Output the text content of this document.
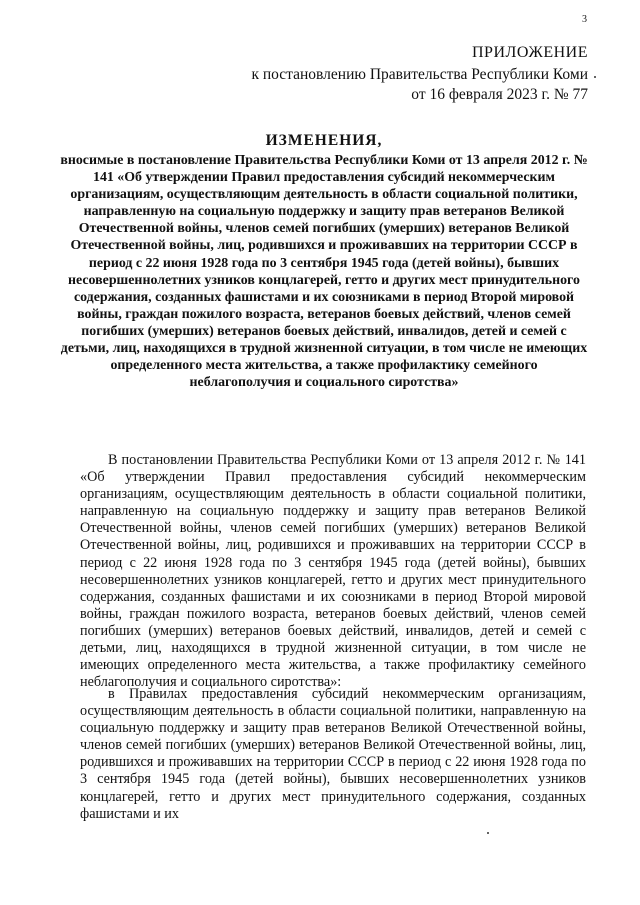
3
ПРИЛОЖЕНИЕ
к постановлению Правительства Республики Коми
от 16 февраля 2023 г. № 77
ИЗМЕНЕНИЯ,
вносимые в постановление Правительства Республики Коми от 13 апреля 2012 г. № 141 «Об утверждении Правил предоставления субсидий некоммерческим организациям, осуществляющим деятельность в области социальной политики, направленную на социальную поддержку и защиту прав ветеранов Великой Отечественной войны, членов семей погибших (умерших) ветеранов Великой Отечественной войны, лиц, родившихся и проживавших на территории СССР в период с 22 июня 1928 года по 3 сентября 1945 года (детей войны), бывших несовершеннолетних узников концлагерей, гетто и других мест принудительного содержания, созданных фашистами и их союзниками в период Второй мировой войны, граждан пожилого возраста, ветеранов боевых действий, членов семей погибших (умерших) ветеранов боевых действий, инвалидов, детей и семей с детьми, лиц, находящихся в трудной жизненной ситуации, в том числе не имеющих определенного места жительства, а также профилактику семейного неблагополучия и социального сиротства»

В постановлении Правительства Республики Коми от 13 апреля 2012 г. № 141 «Об утверждении Правил предоставления субсидий некоммерческим организациям, осуществляющим деятельность в области социальной политики, направленную на социальную поддержку и защиту прав ветеранов Великой Отечественной войны, членов семей погибших (умерших) ветеранов Великой Отечественной войны, лиц, родившихся и проживавших на территории СССР в период с 22 июня 1928 года по 3 сентября 1945 года (детей войны), бывших несовершеннолетних узников концлагерей, гетто и других мест принудительного содержания, созданных фашистами и их союзниками в период Второй мировой войны, граждан пожилого возраста, ветеранов боевых действий, членов семей погибших (умерших) ветеранов боевых действий, инвалидов, детей и семей с детьми, лиц, находящихся в трудной жизненной ситуации, в том числе не имеющих определенного места жительства, а также профилактику семейного неблагополучия и социального сиротства»:

в Правилах предоставления субсидий некоммерческим организациям, осуществляющим деятельность в области социальной политики, направленную на социальную поддержку и защиту прав ветеранов Великой Отечественной войны, членов семей погибших (умерших) ветеранов Великой Отечественной войны, лиц, родившихся и проживавших на территории СССР в период с 22 июня 1928 года по 3 сентября 1945 года (детей войны), бывших несовершеннолетних узников концлагерей, гетто и других мест принудительного содержания, созданных фашистами и их
